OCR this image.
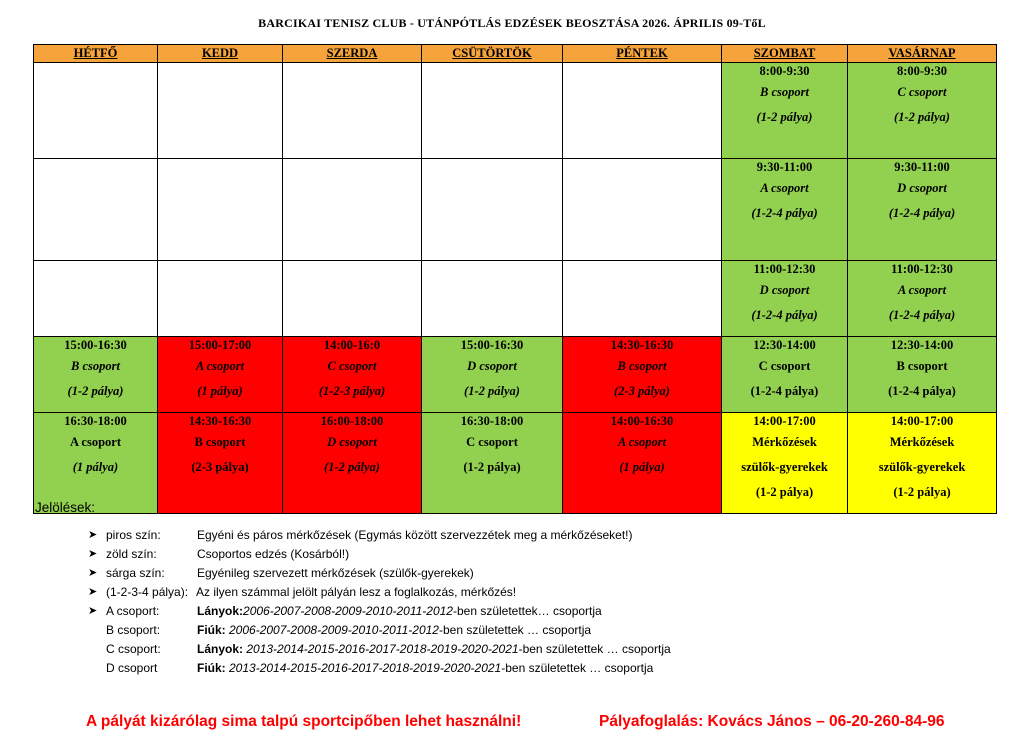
BARCIKAI TENISZ CLUB - UTÁNPÓTLÁS EDZÉSEK BEOSZTÁSA 2026. ÁPRILIS 09-TőL
HÉTFŐ	KEDD	SZERDA	CSÜTÖRTÖK	PÉNTEK	SZOMBAT	VASÁRNAP

					8:00-9:30
B csoport
(1-2 pálya)	8:00-9:30
C csoport
(1-2 pálya)

					9:30-11:00
A csoport
(1-2-4 pálya)	9:30-11:00
D csoport
(1-2-4 pálya)

					11:00-12:30
D csoport
(1-2-4 pálya)	11:00-12:30
A csoport
(1-2-4 pálya)

15:00-16:30
B csoport
(1-2 pálya)	15:00-17:00
A csoport
(1 pálya)	14:00-16:0
C csoport
(1-2-3 pálya)	15:00-16:30
D csoport
(1-2 pálya)	14:30-16:30
B csoport
(2-3 pálya)	12:30-14:00
C csoport
(1-2-4 pálya)	12:30-14:00
B csoport
(1-2-4 pálya)

16:30-18:00
A csoport
(1 pálya)	14:30-16:30
B csoport
(2-3 pálya)	16:00-18:00
D csoport
(1-2 pálya)	16:30-18:00
C csoport
(1-2 pálya)	14:00-16:30
A csoport
(1 pálya)	14:00-17:00
Mérkőzések
szülők-gyerekek
(1-2 pálya)	14:00-17:00
Mérkőzések
szülők-gyerekek
(1-2 pálya)
Jelölések:
➤ piros szín:	Egyéni és páros mérkőzések (Egymás között szervezzétek meg a mérkőzéseket!)
➤ zöld szín:	Csoportos edzés (Kosárból!)
➤ sárga szín:	Egyénileg szervezett mérkőzések (szülők-gyerekek)
➤ (1-2-3-4 pálya): Az ilyen számmal jelölt pályán lesz a foglalkozás, mérkőzés!
➤ A csoport:	Lányok:2006-2007-2008-2009-2010-2011-2012-ben születettek… csoportja
B csoport:	Fiúk: 2006-2007-2008-2009-2010-2011-2012-ben születettek … csoportja
C csoport:	Lányok: 2013-2014-2015-2016-2017-2018-2019-2020-2021-ben születettek … csoportja
D csoport	Fiúk: 2013-2014-2015-2016-2017-2018-2019-2020-2021-ben születettek … csoportja
A pályát kizárólag sima talpú sportcipőben lehet használni!	Pályafoglalás: Kovács János – 06-20-260-84-96
